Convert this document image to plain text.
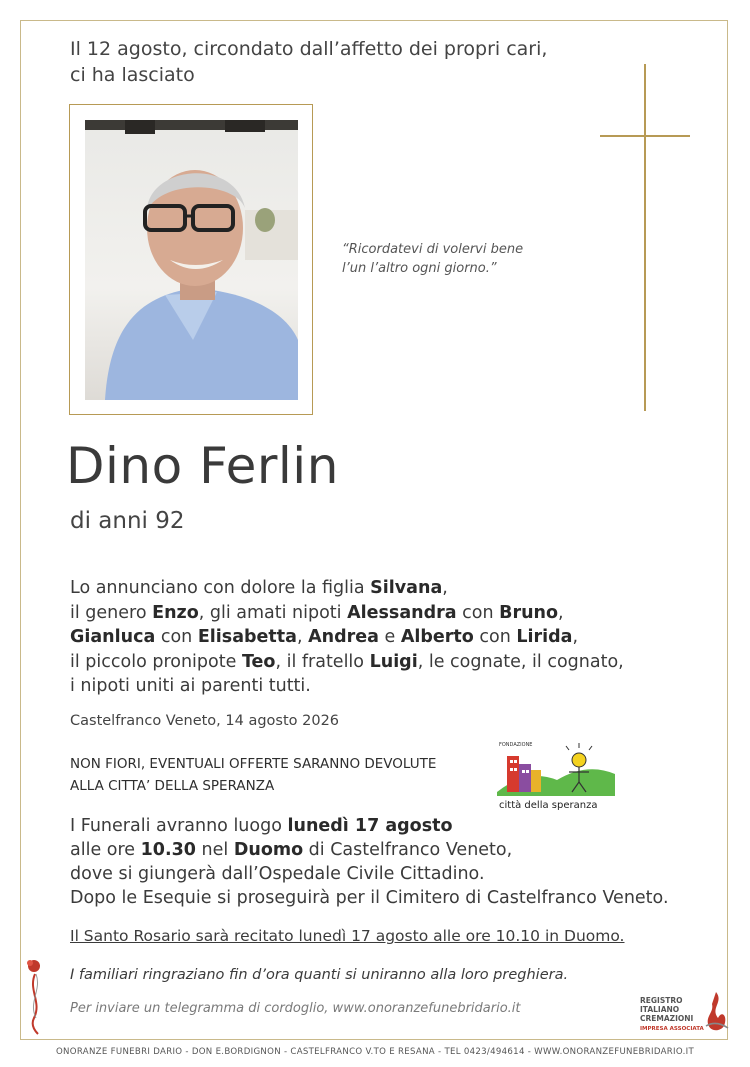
Il 12 agosto, circondato dall’affetto dei propri cari,
ci ha lasciato
“Ricordatevi di volervi bene
l’un l’altro ogni giorno.”
Dino Ferlin
di anni 92
Lo annunciano con dolore la figlia Silvana,
il genero Enzo, gli amati nipoti Alessandra con Bruno,
Gianluca con Elisabetta, Andrea e Alberto con Lirida,
il piccolo pronipote Teo, il fratello Luigi, le cognate, il cognato,
i nipoti uniti ai parenti tutti.
Castelfranco Veneto, 14 agosto 2026
NON FIORI, EVENTUALI OFFERTE SARANNO DEVOLUTE
ALLA CITTA’ DELLA SPERANZA
FONDAZIONE
città della speranza
I Funerali avranno luogo lunedì 17 agosto
alle ore 10.30 nel Duomo di Castelfranco Veneto,
dove si giungerà dall’Ospedale Civile Cittadino.
Dopo le Esequie si proseguirà per il Cimitero di Castelfranco Veneto.
Il Santo Rosario sarà recitato lunedì 17 agosto alle ore 10.10 in Duomo.
I familiari ringraziano fin d’ora quanti si uniranno alla loro preghiera.
Per inviare un telegramma di cordoglio, www.onoranzefunebridario.it
REGISTRO
ITALIANO
CREMAZIONI
IMPRESA ASSOCIATA
ONORANZE FUNEBRI DARIO - DON E.BORDIGNON - CASTELFRANCO V.TO E RESANA - TEL 0423/494614 - WWW.ONORANZEFUNEBRIDARIO.IT
